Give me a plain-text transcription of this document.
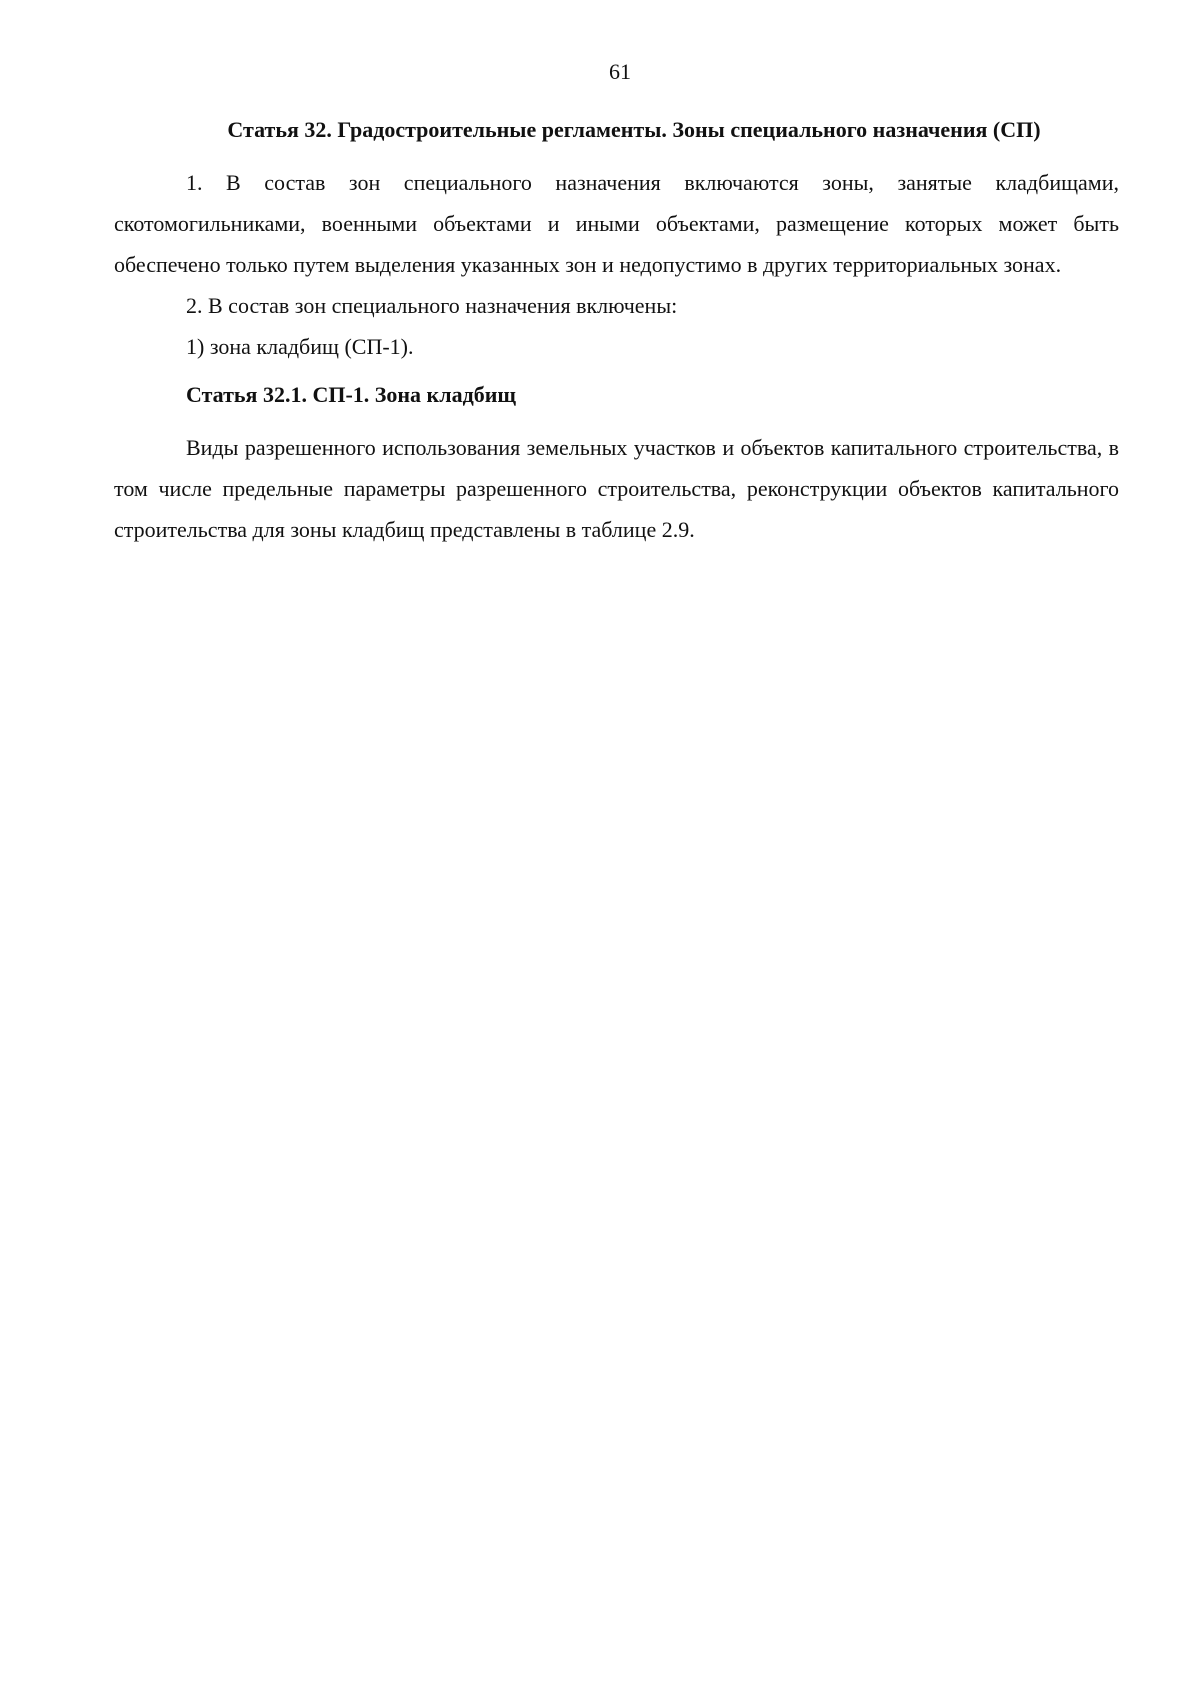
61
Статья 32. Градостроительные регламенты. Зоны специального назначения (СП)

1. В состав зон специального назначения включаются зоны, занятые кладбищами, скотомогильниками, военными объектами и иными объектами, размещение которых может быть обеспечено только путем выделения указанных зон и недопустимо в других территориальных зонах.

2. В состав зон специального назначения включены:

1) зона кладбищ (СП-1).

Статья 32.1. СП-1. Зона кладбищ

Виды разрешенного использования земельных участков и объектов капитального строительства, в том числе предельные параметры разрешенного строительства, реконструкции объектов капитального строительства для зоны кладбищ представлены в таблице 2.9.
